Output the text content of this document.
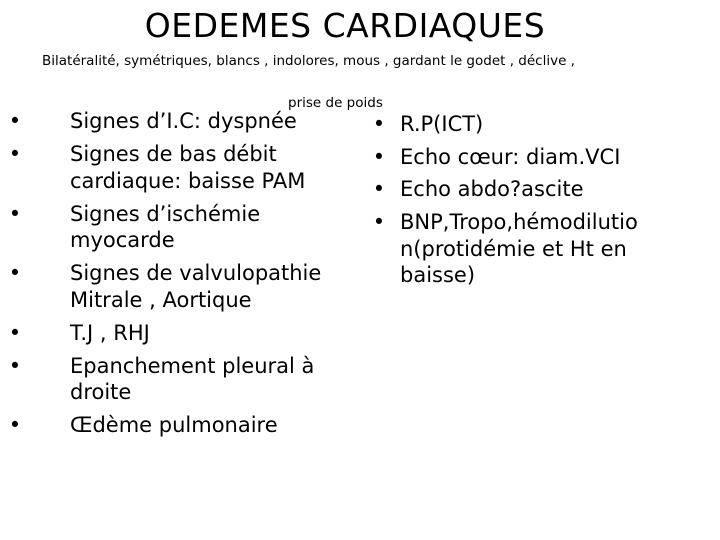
OEDEMES CARDIAQUES
Bilatéralité, symétriques, blancs , indolores, mous , gardant le godet , déclive ,
prise de poids
• Signes d’I.C: dyspnée
• Signes de bas débit
cardiaque: baisse PAM
• Signes d’ischémie
myocarde
• Signes de valvulopathie
Mitrale , Aortique
• T.J , RHJ
• Epanchement pleural à
droite
• Œdème pulmonaire
• R.P(ICT)
• Echo cœur: diam.VCI
• Echo abdo?ascite
• BNP,Tropo,hémodilutio
n(protidémie et Ht en
baisse)
